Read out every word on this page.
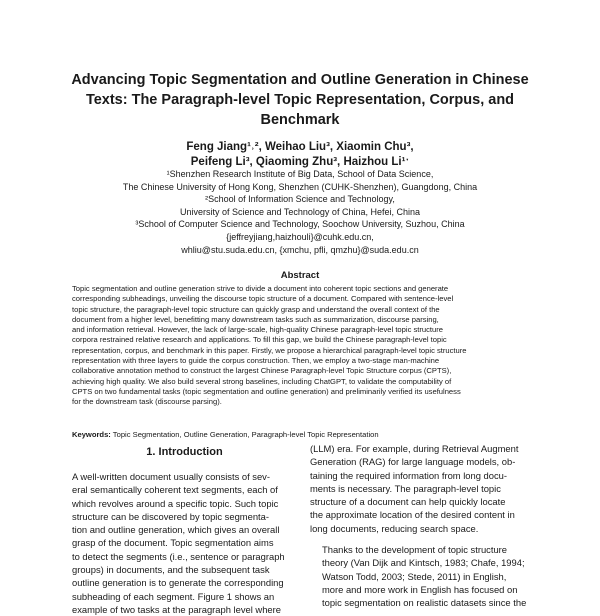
Advancing Topic Segmentation and Outline Generation in Chinese
Texts: The Paragraph-level Topic Representation, Corpus, and
Benchmark
Feng Jiang¹˒², Weihao Liu³, Xiaomin Chu³,
Peifeng Li³, Qiaoming Zhu³, Haizhou Li¹ˑ
¹Shenzhen Research Institute of Big Data, School of Data Science,
The Chinese University of Hong Kong, Shenzhen (CUHK-Shenzhen), Guangdong, China
²School of Information Science and Technology,
University of Science and Technology of China, Hefei, China
³School of Computer Science and Technology, Soochow University, Suzhou, China
{jeffreyjiang,haizhouli}@cuhk.edu.cn,
whliu@stu.suda.edu.cn, {xmchu, pfli, qmzhu}@suda.edu.cn
Abstract
Topic segmentation and outline generation strive to divide a document into coherent topic sections and generate
corresponding subheadings, unveiling the discourse topic structure of a document. Compared with sentence-level
topic structure, the paragraph-level topic structure can quickly grasp and understand the overall context of the
document from a higher level, benefitting many downstream tasks such as summarization, discourse parsing,
and information retrieval. However, the lack of large-scale, high-quality Chinese paragraph-level topic structure
corpora restrained relative research and applications. To fill this gap, we build the Chinese paragraph-level topic
representation, corpus, and benchmark in this paper. Firstly, we propose a hierarchical paragraph-level topic structure
representation with three layers to guide the corpus construction. Then, we employ a two-stage man-machine
collaborative annotation method to construct the largest Chinese Paragraph-level Topic Structure corpus (CPTS),
achieving high quality. We also build several strong baselines, including ChatGPT, to validate the computability of
CPTS on two fundamental tasks (topic segmentation and outline generation) and preliminarily verified its usefulness
for the downstream task (discourse parsing).
Keywords: Topic Segmentation, Outline Generation, Paragraph-level Topic Representation
1. Introduction

A well-written document usually consists of sev-
eral semantically coherent text segments, each of
which revolves around a specific topic. Such topic
structure can be discovered by topic segmenta-
tion and outline generation, which gives an overall
grasp of the document. Topic segmentation aims
to detect the segments (i.e., sentence or paragraph
groups) in documents, and the subsequent task
outline generation is to generate the corresponding
subheading of each segment. Figure 1 shows an
example of two tasks at the paragraph level where

(LLM) era. For example, during Retrieval Augment
Generation (RAG) for large language models, ob-
taining the required information from long docu-
ments is necessary. The paragraph-level topic
structure of a document can help quickly locate
the approximate location of the desired content in
long documents, reducing search space.

Thanks to the development of topic structure
theory (Van Dijk and Kintsch, 1983; Chafe, 1994;
Watson Todd, 2003; Stede, 2011) in English,
more and more work in English has focused on
topic segmentation on realistic datasets since the
